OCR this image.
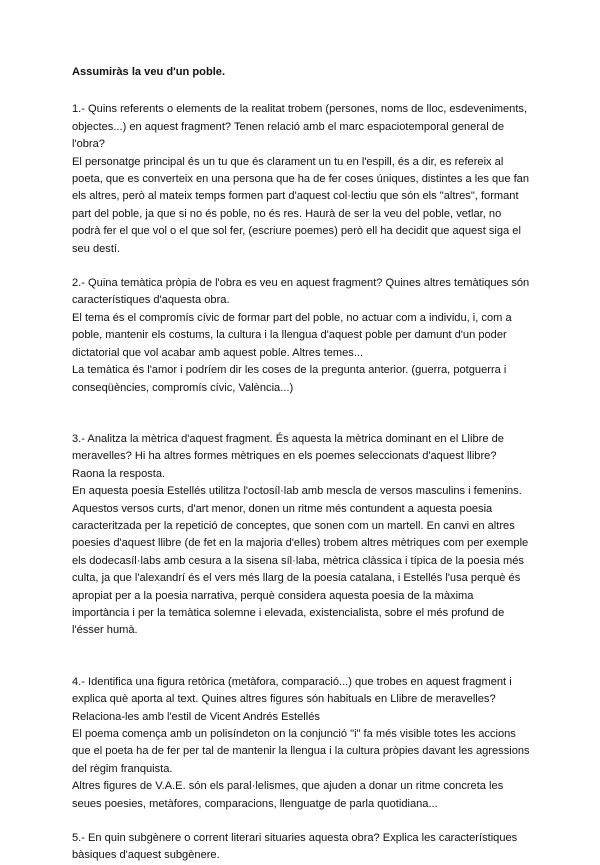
Assumiràs la veu d'un poble.

1.- Quins referents o elements de la realitat trobem (persones, noms de lloc, esdeveniments, objectes...) en aquest fragment? Tenen relació amb el marc espaciotemporal general de l'obra?

El personatge principal és un tu que és clarament un tu en l'espill, és a dir, es refereix al poeta, que es converteix en una persona que ha de fer coses úniques, distintes a les que fan els altres, però al mateix temps formen part d'aquest col·lectiu que són els "altres", formant part del poble, ja que si no és poble, no és res. Haurà de ser la veu del poble, vetlar, no podrà fer el que vol o el que sol fer, (escriure poemes) però ell ha decidit que aquest siga el seu destí.

2.- Quina temàtica pròpia de l'obra es veu en aquest fragment? Quines altres temàtiques són característiques d'aquesta obra.

El tema és el compromís cívic de formar part del poble, no actuar com a individu, i, com a poble, mantenir els costums, la cultura i la llengua d'aquest poble per damunt d'un poder dictatorial que vol acabar amb aquest poble. Altres temes...

La temàtica és l'amor i podríem dir les coses de la pregunta anterior. (guerra, potguerra i conseqüències, compromís cívic, València...)

3.- Analitza la mètrica d'aquest fragment. És aquesta la mètrica dominant en el Llibre de meravelles? Hi ha altres formes mètriques en els poemes seleccionats d'aquest llibre? Raona la resposta.

En aquesta poesia Estellés utilitza l'octosíl·lab amb mescla de versos masculins i femenins. Aquestos versos curts, d'art menor, donen un ritme més contundent a aquesta poesia caracteritzada per la repetició de conceptes, que sonen com un martell. En canvi en altres poesies d'aquest llibre (de fet en la majoria d'elles) trobem altres mètriques com per exemple els dodecasíl·labs amb cesura a la sisena síl·laba, mètrica clàssica i típica de la poesia més culta, ja que l'alexandrí és el vers més llarg de la poesia catalana, i Estellés l'usa perquè és apropiat per a la poesia narrativa, perquè considera aquesta poesia de la màxima importància i per la temàtica solemne i elevada, existencialista, sobre el més profund de l'ésser humà.

4.- Identifica una figura retòrica (metàfora, comparació...) que trobes en aquest fragment i explica què aporta al text. Quines altres figures són habituals en Llibre de meravelles? Relaciona-les amb l'estil de Vicent Andrés Estellés

El poema comença amb un polisíndeton on la conjunció "i" fa més visible totes les accions que el poeta ha de fer per tal de mantenir la llengua i la cultura pròpies davant les agressions del règim franquista.

Altres figures de V.A.E. són els paral·lelismes, que ajuden a donar un ritme concreta les seues poesies, metàfores, comparacions, llenguatge de parla quotidiana...

5.- En quin subgènere o corrent literari situaries aquesta obra? Explica les característiques bàsiques d'aquest subgènere.
